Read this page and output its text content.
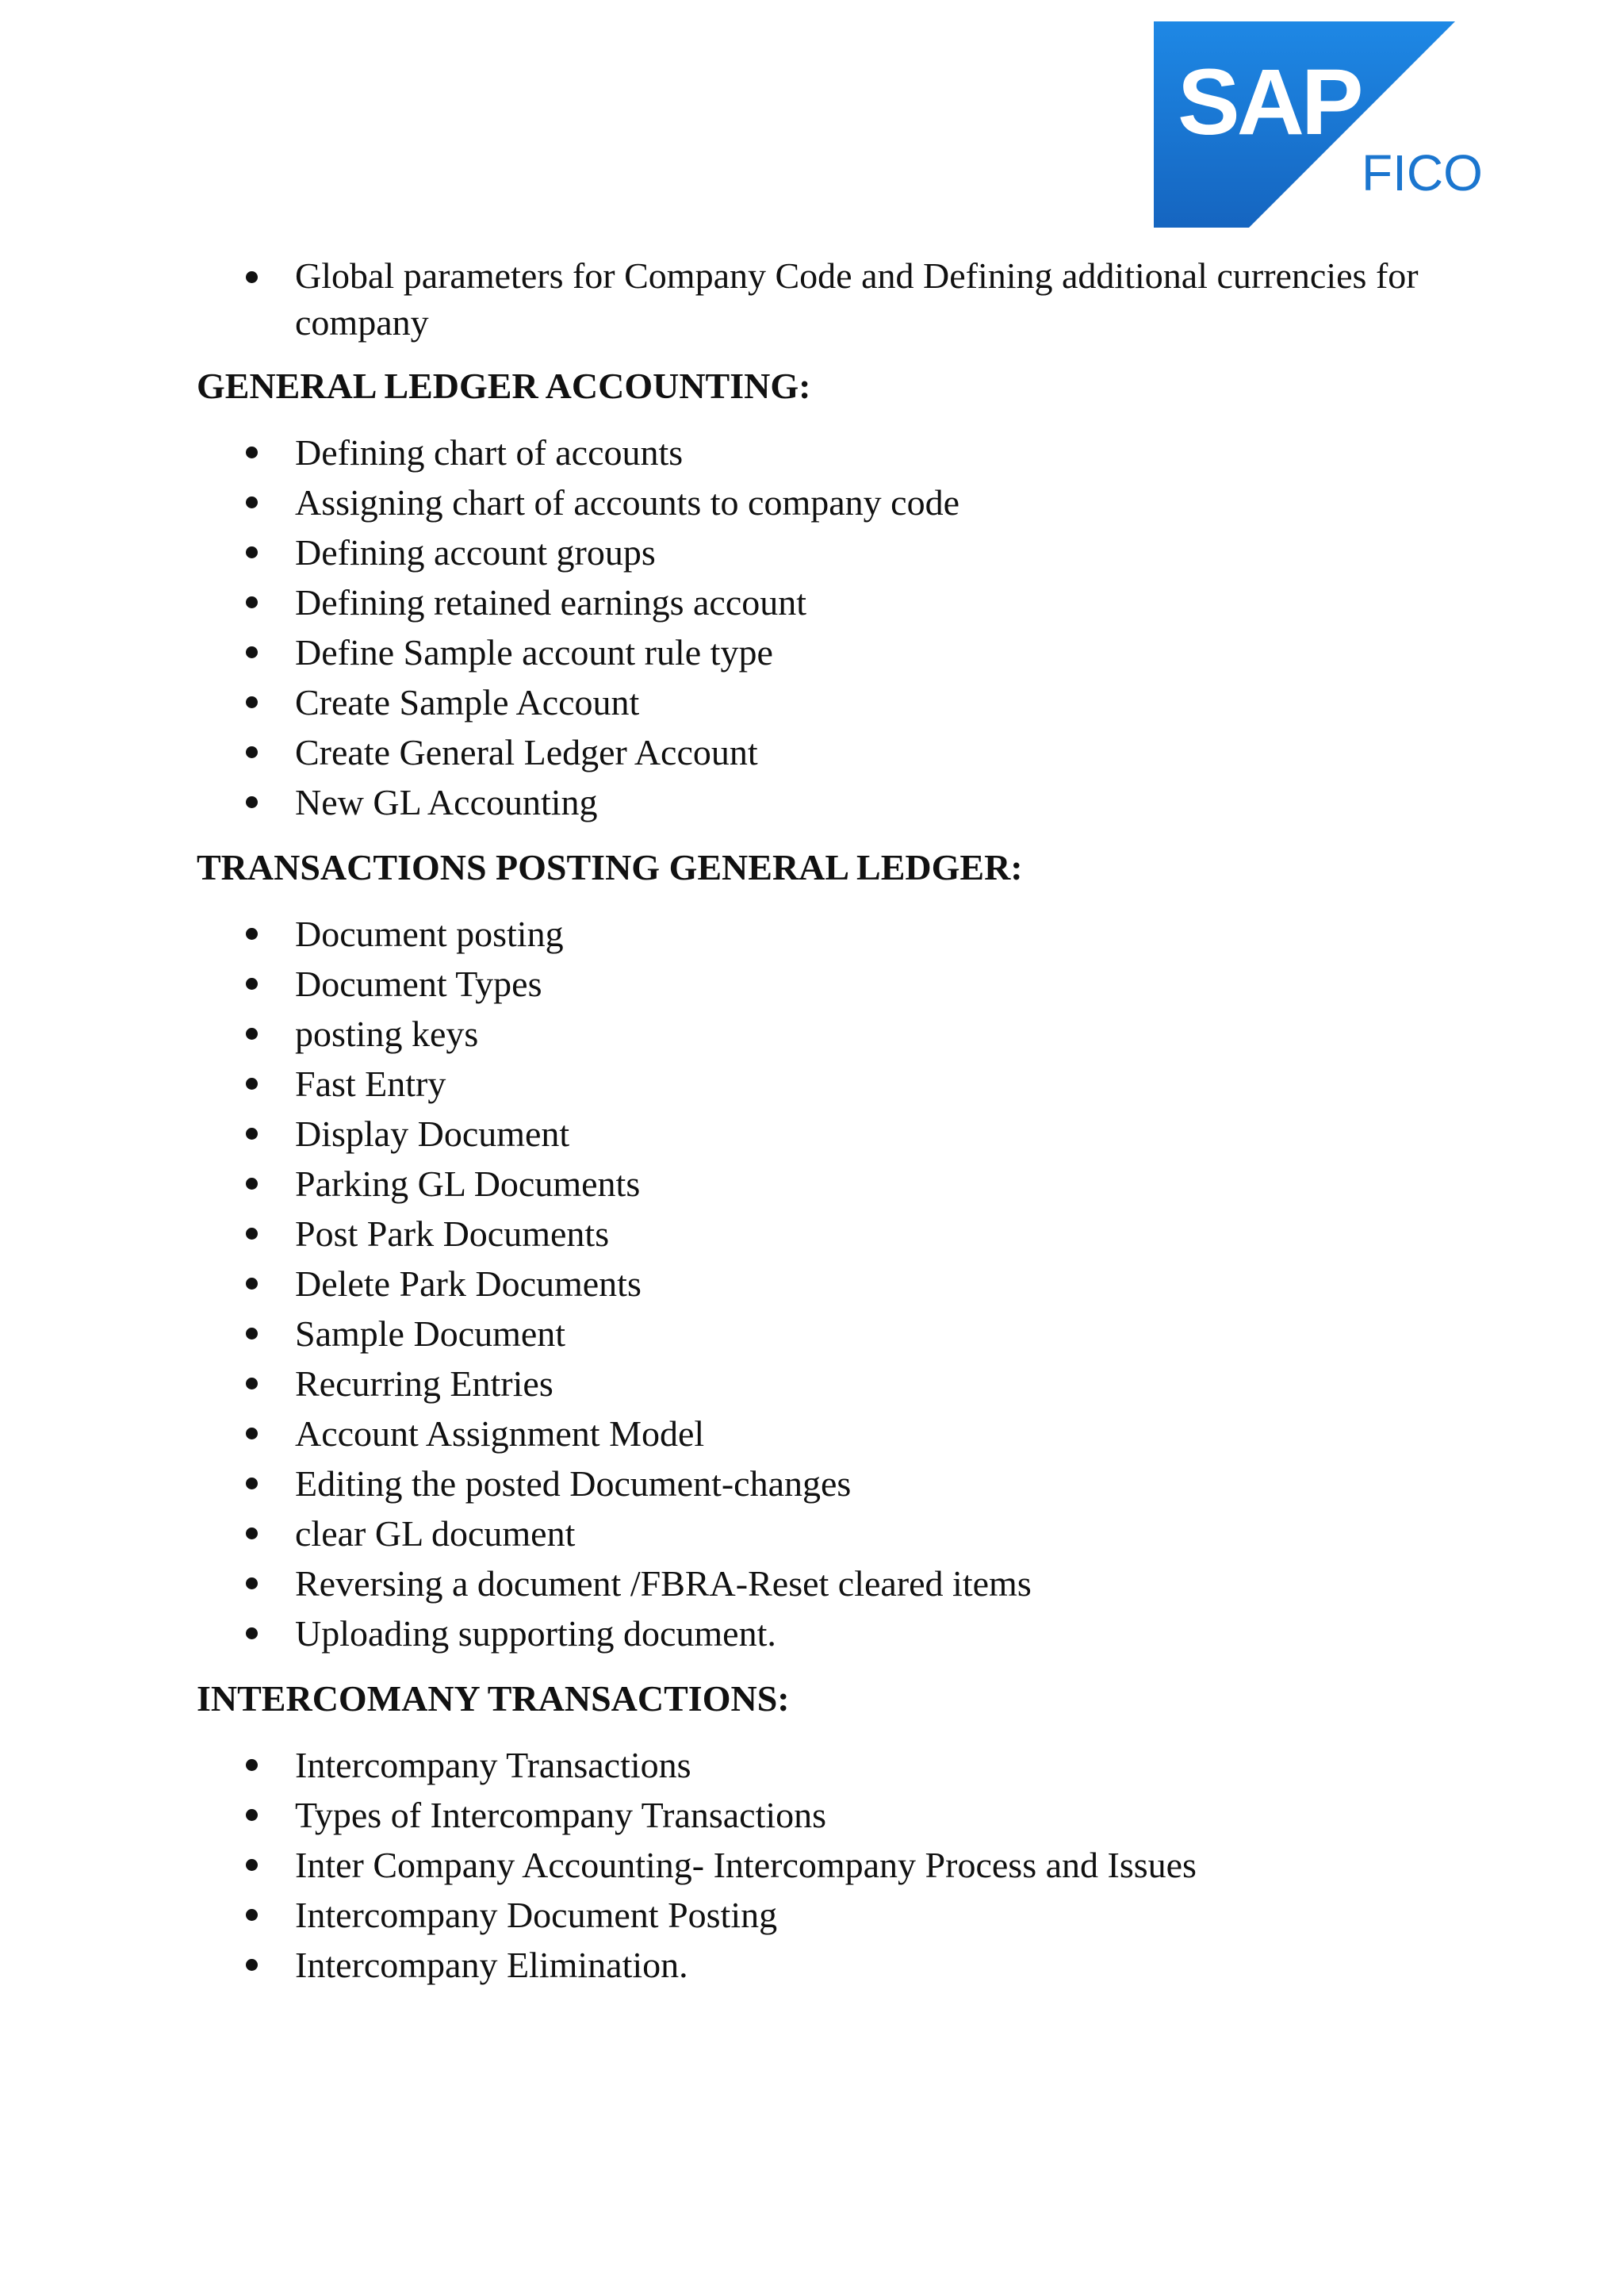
SAP
FICO
Global parameters for Company Code and Defining additional currencies for company
GENERAL LEDGER ACCOUNTING:
Defining chart of accounts
Assigning chart of accounts to company code
Defining account groups
Defining retained earnings account
Define Sample account rule type
Create Sample Account
Create General Ledger Account
New GL Accounting
TRANSACTIONS POSTING GENERAL LEDGER:
Document posting
Document Types
posting keys
Fast Entry
Display Document
Parking GL Documents
Post Park Documents
Delete Park Documents
Sample Document
Recurring Entries
Account Assignment Model
Editing the posted Document-changes
clear GL document
Reversing a document /FBRA-Reset cleared items
Uploading supporting document.
INTERCOMANY TRANSACTIONS:
Intercompany Transactions
Types of Intercompany Transactions
Inter Company Accounting- Intercompany Process and Issues
Intercompany Document Posting
Intercompany Elimination.
